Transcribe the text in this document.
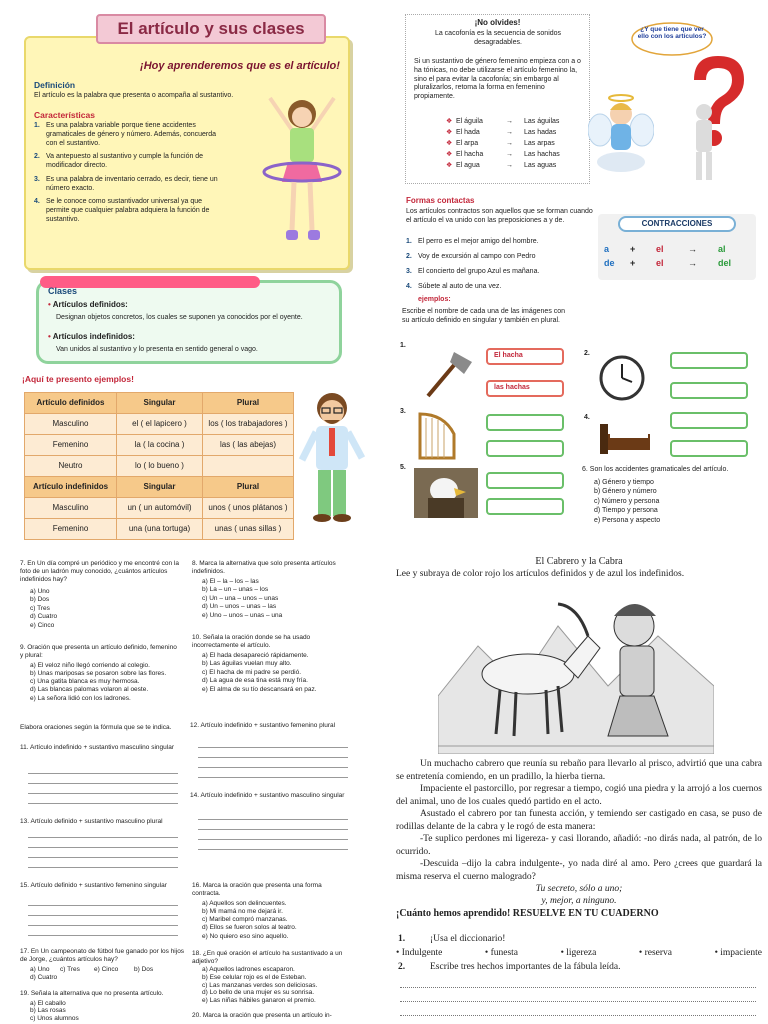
El artículo y sus clases
¡Hoy aprenderemos que es el artículo!
Definición
El artículo es la palabra que presenta o acompaña al sustantivo.
Características
1. Es una palabra variable porque tiene accidentes gramaticales de género y número. Además, concuerda con el sustantivo.
2. Va antepuesto al sustantivo y cumple la función de modificador directo.
3. Es una palabra de inventario cerrado, es decir, tiene un número exacto.
4. Se le conoce como sustantivador universal ya que permite que cualquier palabra adquiera la función de sustantivo.
Clases
• Artículos definidos:
Designan objetos concretos, los cuales se suponen ya conocidos por el oyente.
• Artículos indefinidos:
Van unidos al sustantivo y lo presenta en sentido general o vago.
¡Aquí te presento ejemplos!
Artículo definidos	Singular	Plural
Masculino	el ( el lapicero )	los ( los trabajadores )
Femenino	la ( la cocina )	las ( las abejas)
Neutro	lo ( lo bueno )	
Artículo indefinidos	Singular	Plural
Masculino	un ( un automóvil)	unos ( unos plátanos )
Femenino	una (una tortuga)	unas ( unas sillas )
¡No olvides!
La cacofonía es la secuencia de sonidos desagradables.
Si un sustantivo de género femenino empieza con a o ha tónicas, no debe utilizarse el artículo femenino la, sino el para evitar la cacofonía; sin embargo al pluralizarlos, retoma la forma en femenino propiamente.
❖ El águila	→	Las águilas
❖ El hada	→	Las hadas
❖ El arpa	→	Las arpas
❖ El hacha	→	Las hachas
❖ El agua	→	Las aguas
¿Y que tiene que ver ello con los artículos?
Formas contactas
Los artículos contractos son aquellos que se forman cuando el artículo el va unido con las preposiciones a y de.
1. El perro es el mejor amigo del hombre.
2. Voy de excursión al campo con Pedro
3. El concierto del grupo Azul es mañana.
4. Súbete al auto de una vez.
CONTRACCIONES
a	+	el	→	al
de	+	el	→	del
ejemplos:
Escribe el nombre de cada una de las imágenes con su artículo definido en singular y también en plural.
1.
El hacha
las hachas
2.
3.
4.
5.	6. Son los accidentes gramaticales del artículo.
a) Género y tiempo
b) Género y número
c) Número y persona
d) Tiempo y persona
e) Persona y aspecto
7. En Un día compré un periódico y me encontré con la foto de un ladrón muy conocido, ¿cuántos artículos indefinidos hay?
a) Uno
b) Dos
c) Tres
d) Cuatro
e) Cinco
8. Marca la alternativa que solo presenta artículos indefinidos.
a) El – la – los – las
b) La – un – unas – los
c) Un – una – unos – unas
d) Un – unos – unas – las
e) Uno – unos – unas – una
9. Oración que presenta un artículo definido, femenino y plural:
a) El veloz niño llegó corriendo al colegio.
b) Unas mariposas se posaron sobre las flores.
c) Una gatita blanca es muy hermosa.
d) Las blancas palomas volaron al oeste.
e) La señora lidió con los ladrones.
10. Señala la oración donde se ha usado incorrectamente el artículo.
a) El hada desapareció rápidamente.
b) Las águilas vuelan muy alto.
c) El hacha de mi padre se perdió.
d) La agua de esa tina está muy fría.
e) El alma de su tío descansará en paz.
Elabora oraciones según la fórmula que se te indica.
11. Artículo indefinido + sustantivo masculino singular
12. Artículo indefinido + sustantivo femenino plural
13. Artículo definido + sustantivo masculino plural
14. Artículo indefinido + sustantivo masculino singular
15. Artículo definido + sustantivo femenino singular	16. Marca la oración que presenta una forma contracta.
a) Aquellos son delincuentes.
b) Mi mamá no me dejará ir.
c) Maribel compró manzanas.
d) Ellos se fueron solos al teatro.
e) No quiero eso sino aquello.
17. En Un campeonato de fútbol fue ganado por los hijos de Jorge, ¿cuántos artículos hay?
a) Uno	c) Tres	e) Cinco	b) Dos
d) Cuatro
18. ¿En qué oración el artículo ha sustantivado a un adjetivo?
a) Aquellos ladrones escaparon.
b) Ese celular rojo es el de Esteban.
c) Las manzanas verdes son deliciosas.
d) Lo bello de una mujer es su sonrisa.
e) Las niñas hábiles ganaron el premio.
19. Señala la alternativa que no presenta artículo.
a) El caballo
b) Las rosas
c) Unos alumnos	20. Marca la oración que presenta un artículo in-
El Cabrero y la Cabra
Lee y subraya de color rojo los artículos definidos y de azul los indefinidos.

Un muchacho cabrero que reunía su rebaño para llevarlo al prisco, advirtió que una cabra se entretenía comiendo, en un pradillo, la hierba tierna.

Impaciente el pastorcillo, por regresar a tiempo, cogió una piedra y la arrojó a los cuernos del animal, uno de los cuales quedó partido en el acto.

Asustado el cabrero por tan funesta acción, y temiendo ser castigado en casa, se puso de rodillas delante de la cabra y le rogó de esta manera:

-Te suplico perdones mi ligereza- y casi llorando, añadió: -no dirás nada, al patrón, de lo ocurrido.

-Descuida –dijo la cabra indulgente-, yo nada diré al amo. Pero ¿crees que guardará la misma reserva el cuerno malogrado?

Tu secreto, sólo a uno;
y, mejor, a ninguno.
¡Cuánto hemos aprendido! RESUELVE EN TU CUADERNO
1.	¡Usa el diccionario!
• Indulgente	• funesta	• ligereza	• reserva	• impaciente
2.	Escribe tres hechos importantes de la fábula leída.
